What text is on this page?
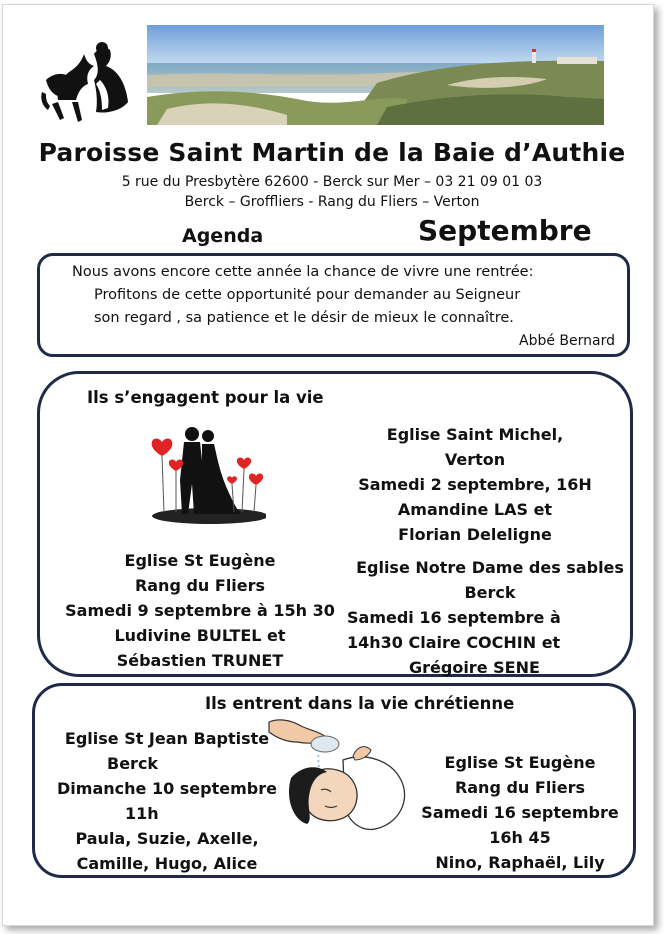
Paroisse Saint Martin de la Baie d’Authie
5 rue du Presbytère 62600 - Berck sur Mer – 03 21 09 01 03
Berck – Groffliers - Rang du Fliers – Verton
Agenda	Septembre
Nous avons encore cette année la chance de vivre une rentrée:
Profitons de cette opportunité pour demander au Seigneur
son regard , sa patience et le désir de mieux le connaître.
Abbé Bernard
Ils s’engagent pour la vie
Eglise Saint Michel,
Verton
Samedi 2 septembre, 16H
Amandine LAS et
Florian Deleligne
Eglise St Eugène
Rang du Fliers
Samedi 9 septembre à 15h 30
Ludivine BULTEL et
Sébastien TRUNET
Eglise Notre Dame des sables
Berck
Samedi 16 septembre à
14h30 Claire COCHIN et
Grégoire SENE
Ils entrent dans la vie chrétienne
Eglise St Jean Baptiste
Berck
Dimanche 10 septembre
11h
Paula, Suzie, Axelle,
Camille, Hugo, Alice
Eglise St Eugène
Rang du Fliers
Samedi 16 septembre
16h 45
Nino, Raphaël, Lily
